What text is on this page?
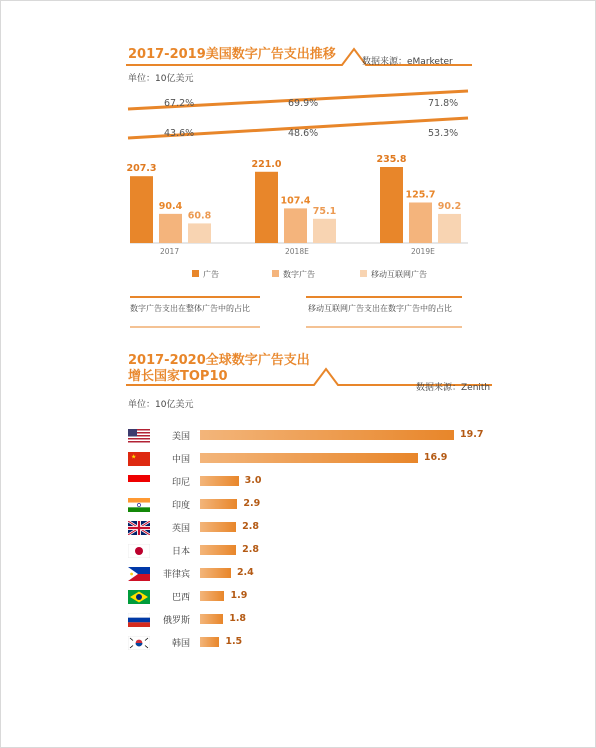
207.3
90.4
60.8
221.0
107.4
75.1
235.8
125.7
90.2
2017-2019美国数字广告支出推移	数据来源：eMarketer
单位：10亿美元
67.2%	69.9%	71.8%
43.6%	48.6%	53.3%
2017	2018E	2019E
广告	数字广告	移动互联网广告
数字广告支出在整体广告中的占比	移动互联网广告支出在数字广告中的占比
2017-2020全球数字广告支出
增长国家TOP10
数据来源：Zenith
单位：10亿美元
美国	19.7
★	中国	16.9
印尼	3.0
印度	2.9
英国	2.8
日本	2.8
菲律宾	2.4
巴西	1.9
俄罗斯	1.8
韩国	1.5
